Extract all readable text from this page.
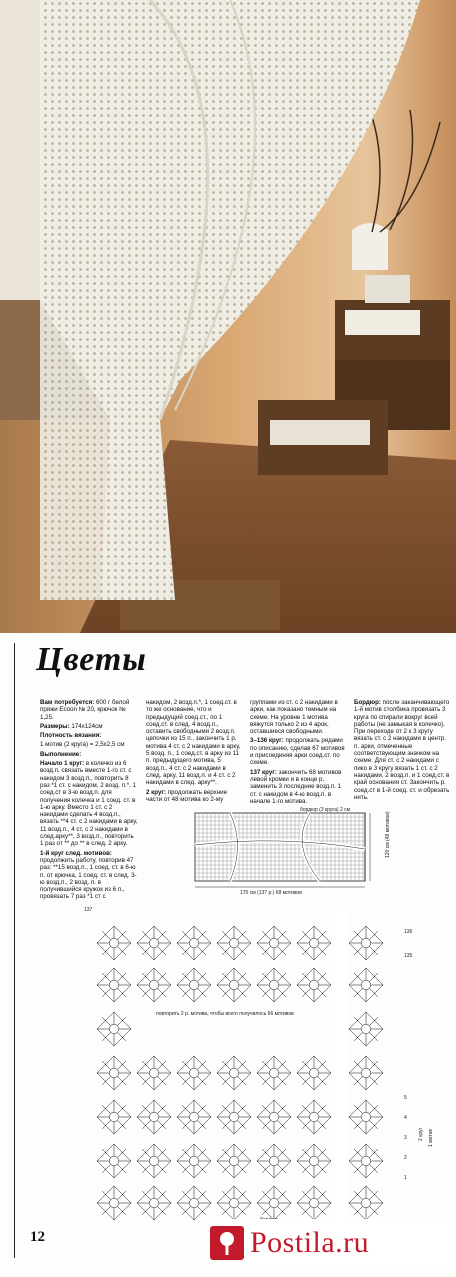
Цветы

Вам потребуется: 600 г белой пряжи Ecoon № 20, крючок № 1,25.

Размеры: 174х124см

Плотность вязания:

1 мотив (2 круга) = 2,5х2,5 см

Выполнение:

Начало 1 круг: в колечко из 6 возд.п. связать вместе 1-го ст. с накидом 3 возд.п., повторить 8 раз *1 ст. с накидом, 2 возд. п.*, 1 соед.ст в 3-ю возд.п. для получения колечка и 1 соед. ст. в 1-ю арку. Вместо 1 ст. с 2 накидами сделать 4 возд.п., вязать **4 ст. с 2 накидами в арку, 11 возд.п., 4 ст. с 2 накидами в след.арку**, 3 возд.п., повторить 1 раз от ** до ** в след. 2 арку.

1-й круг след. мотивов: продолжить работу, повторив 47 раз: **15 возд.п., 1 соед. ст. в 6-ю п. от крючка, 1 соед. ст. в след. 3-ю возд.п., 2 возд. п. в получившийся кружок из 6 п., провязать 7 раз *1 ст с

накидом, 2 возд.п.*, 1 соед.ст. в то же основание, что и предыдущий соед.ст., по 1 соед.ст. в след. 4 возд.п., оставить свободными 2 возд.п. цепочки из 15 п., закончить 1 р. мотива 4 ст. с 2 накидами в арку, 5 возд. п., 1 соед.ст. в арку из 11 п. предыдущего мотива, 5 возд.п., 4 ст. с 2 накидами в след. арку, 11 возд.п. и 4 ст. с 2 накидами в след. арку**.

2 круг: продолжать верхние части от 48 мотива ко 2-му

группами из ст. с 2 накидами в арки, как показано темным на схеме. На уровне 1 мотива вяжутся только 2 из 4 арок, оставшиеся свободными.

3–136 круг: продолжать рядами по описанию, сделав 67 мотивов и присоединяя арки соед.ст. по схеме.

137 круг: закончить 68 мотивов левой кромки и в конце р. заменить 3 последние возд.п. 1 ст. с накидом в 4-ю возд.п. в начале 1-го мотива.

Бордюр: после заканчивающего 1-й мотив столбика провязать 3 круга по спирали вокруг всей работы (не замыкая в колечко). При переходе от 2 к 3 кругу вязать ст. с 2 накидами в центр. п. арки, отмеченные соответствующим значком на схеме. Для ст. с 2 накидами с пико в 3 кругу вязать 1 ст. с 2 накидами, 2 возд.п. и 1 соед.ст. в край основания ст. Закончить р. соед.ст в 1-й соед. ст. и обрезать нить.

бордюр (3 круга) 2 см
170 см (137 р.) 68 мотивов
120 см (48 мотивов)
повторить 2 р. мотива, чтобы всего получилось 66 мотивов
137
136
135
5
4
3
2
1
2 круг 1 мотив
12	Postila.ru
